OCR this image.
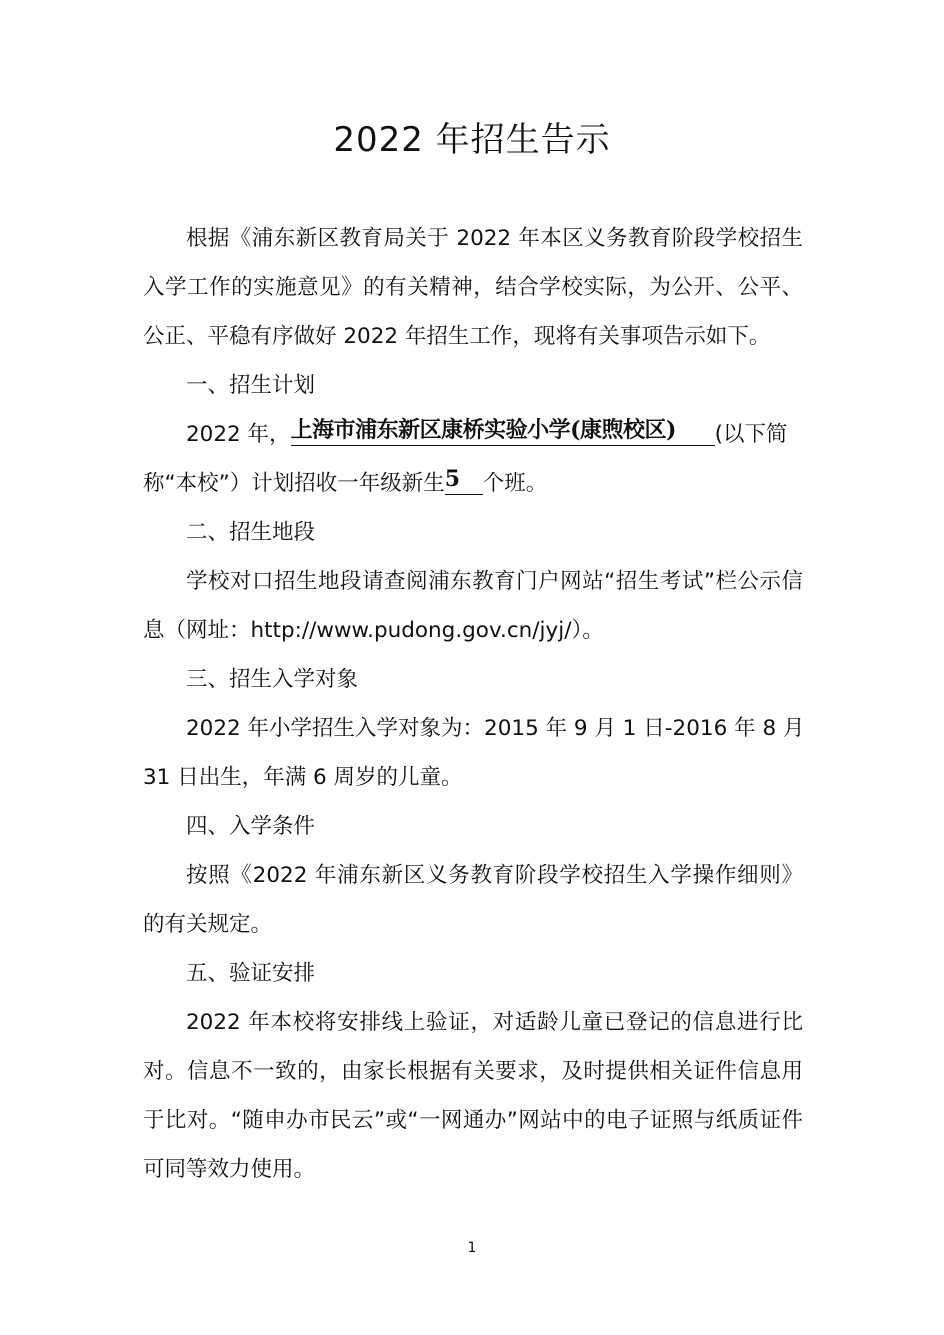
2022 年招生告示
根据《浦东新区教育局关于 2022 年本区义务教育阶段学校招生
入学工作的实施意见》的有关精神，结合学校实际，为公开、公平、
公正、平稳有序做好 2022 年招生工作，现将有关事项告示如下。
一、招生计划
2022 年，上海市浦东新区康桥实验小学(康煦校区) (以下简
称“本校”）计划招收一年级新生5 个班。
二、招生地段
学校对口招生地段请查阅浦东教育门户网站“招生考试”栏公示信
息（网址：http://www.pudong.gov.cn/jyj/）。
三、招生入学对象
2022 年小学招生入学对象为：2015 年 9 月 1 日-2016 年 8 月
31 日出生，年满 6 周岁的儿童。
四、入学条件
按照《2022 年浦东新区义务教育阶段学校招生入学操作细则》
的有关规定。
五、验证安排
2022 年本校将安排线上验证，对适龄儿童已登记的信息进行比
对。信息不一致的，由家长根据有关要求，及时提供相关证件信息用
于比对。“随申办市民云”或“一网通办”网站中的电子证照与纸质证件
可同等效力使用。
1
